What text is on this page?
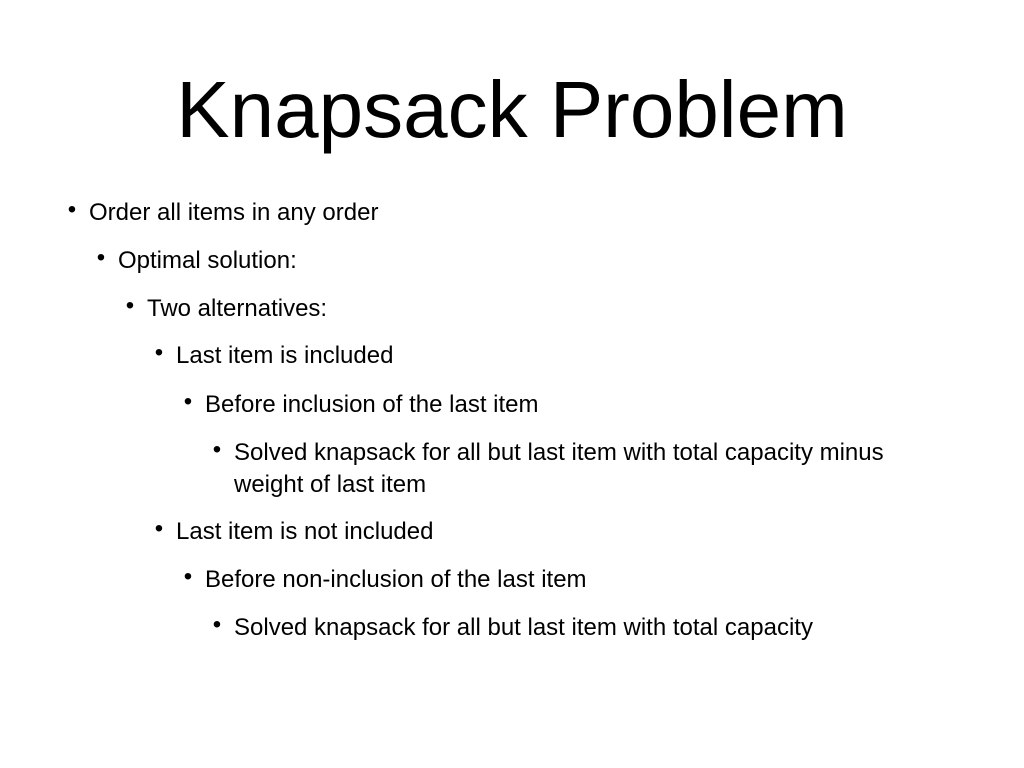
Knapsack Problem
• Order all items in any order
• Optimal solution:
• Two alternatives:
• Last item is included
• Before inclusion of the last item
• Solved knapsack for all but last item with total capacity minus weight of last item
• Last item is not included
• Before non-inclusion of the last item
• Solved knapsack for all but last item with total capacity
